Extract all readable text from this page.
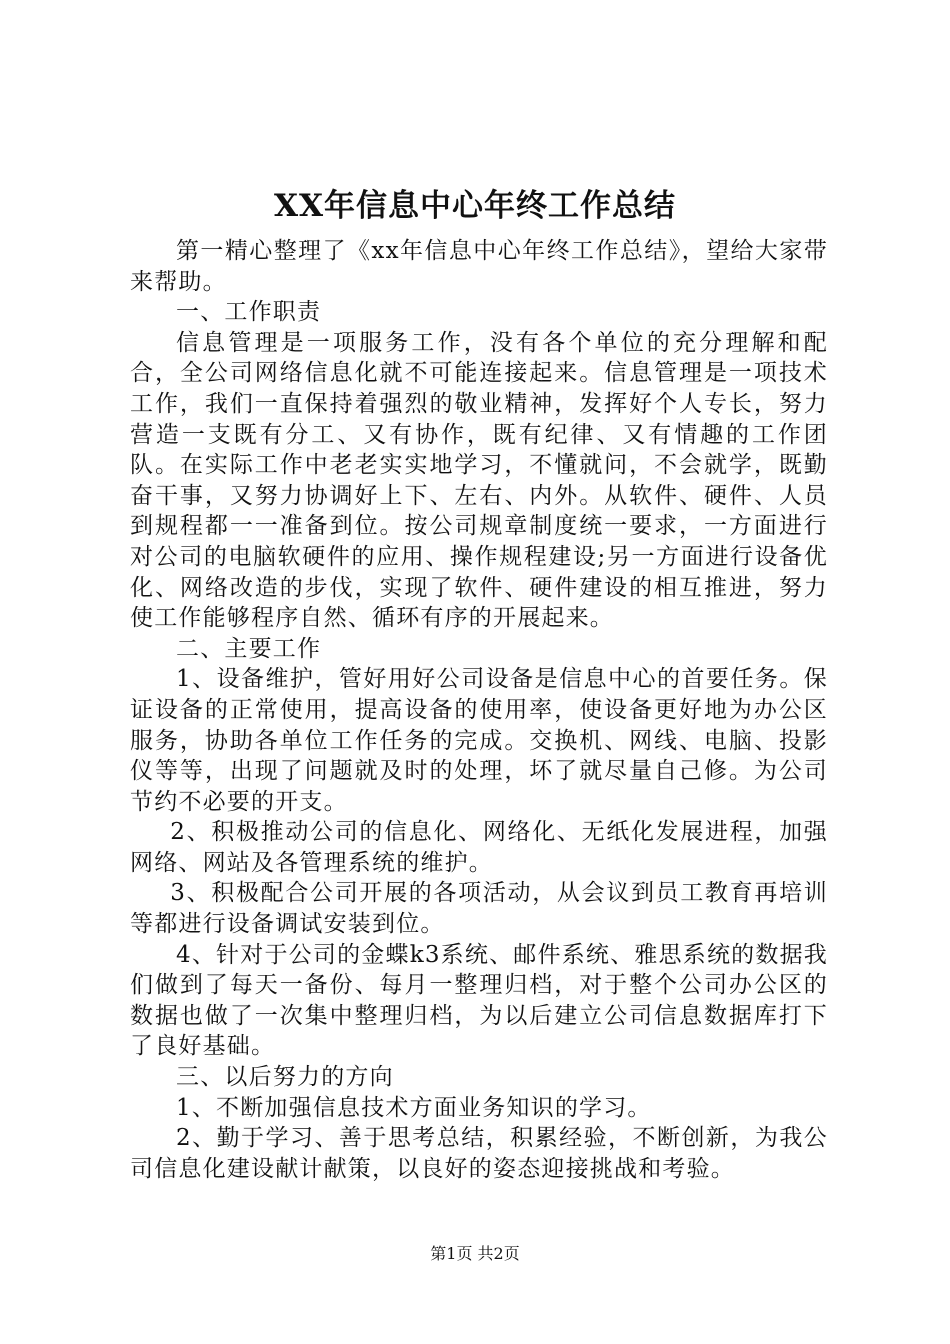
XX年信息中心年终工作总结

第一精心整理了《xx年信息中心年终工作总结》，望给大家带来帮助。

一、工作职责

信息管理是一项服务工作，没有各个单位的充分理解和配合，全公司网络信息化就不可能连接起来。信息管理是一项技术工作，我们一直保持着强烈的敬业精神，发挥好个人专长，努力营造一支既有分工、又有协作，既有纪律、又有情趣的工作团队。在实际工作中老老实实地学习，不懂就问，不会就学，既勤奋干事，又努力协调好上下、左右、内外。从软件、硬件、人员到规程都一一准备到位。按公司规章制度统一要求，一方面进行对公司的电脑软硬件的应用、操作规程建设;另一方面进行设备优化、网络改造的步伐，实现了软件、硬件建设的相互推进，努力使工作能够程序自然、循环有序的开展起来。

二、主要工作

1、设备维护，管好用好公司设备是信息中心的首要任务。保证设备的正常使用，提高设备的使用率，使设备更好地为办公区服务，协助各单位工作任务的完成。交换机、网线、电脑、投影仪等等，出现了问题就及时的处理，坏了就尽量自己修。为公司节约不必要的开支。

2、积极推动公司的信息化、网络化、无纸化发展进程，加强网络、网站及各管理系统的维护。

3、积极配合公司开展的各项活动，从会议到员工教育再培训等都进行设备调试安装到位。

4、针对于公司的金蝶k3系统、邮件系统、雅思系统的数据我们做到了每天一备份、每月一整理归档，对于整个公司办公区的数据也做了一次集中整理归档，为以后建立公司信息数据库打下了良好基础。

三、以后努力的方向

1、不断加强信息技术方面业务知识的学习。

2、勤于学习、善于思考总结，积累经验，不断创新，为我公司信息化建设献计献策，以良好的姿态迎接挑战和考验。

第1页 共2页
